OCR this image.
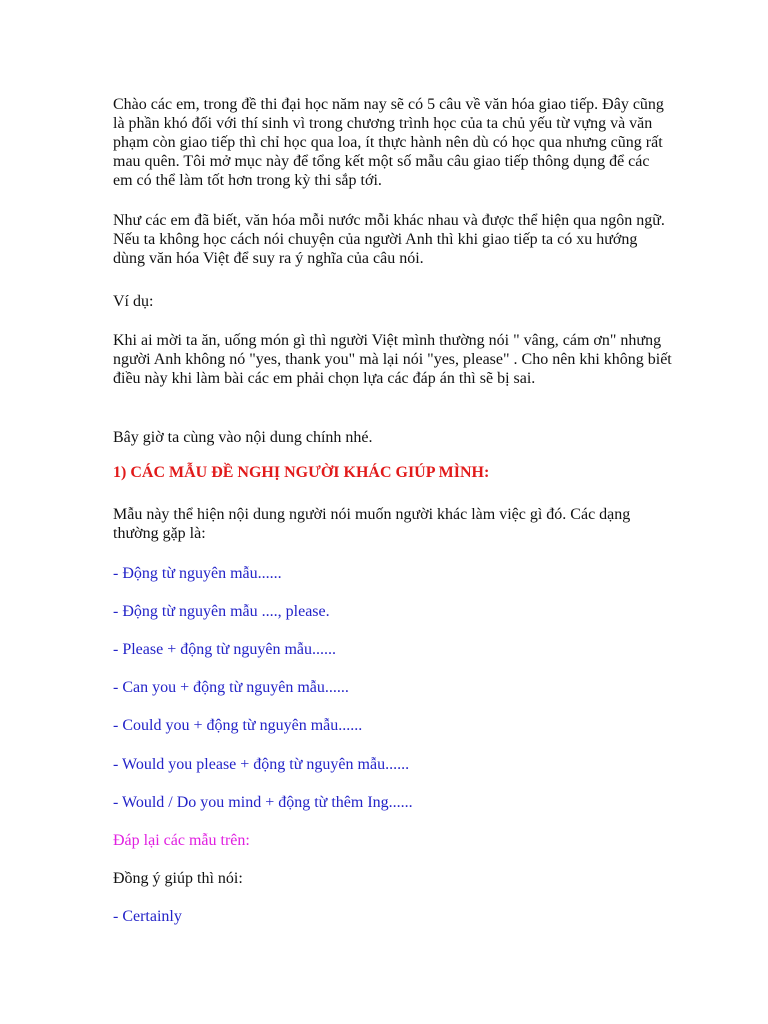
Chào các em, trong đề thi đại học năm nay sẽ có 5 câu về văn hóa giao tiếp. Đây cũng là phần khó đối với thí sinh vì trong chương trình học của ta chủ yếu từ vựng và văn phạm còn giao tiếp thì chỉ học qua loa, ít thực hành nên dù có học qua nhưng cũng rất mau quên. Tôi mở mục này để tổng kết một số mẫu câu giao tiếp thông dụng để các em có thể làm tốt hơn trong kỳ thi sắp tới.

Như các em đã biết, văn hóa mỗi nước mỗi khác nhau và được thể hiện qua ngôn ngữ. Nếu ta không học cách nói chuyện của người Anh thì khi giao tiếp ta có xu hướng dùng văn hóa Việt để suy ra ý nghĩa của câu nói.

Ví dụ:

Khi ai mời ta ăn, uống món gì thì người Việt mình thường nói " vâng, cám ơn" nhưng người Anh không nó "yes, thank you" mà lại nói "yes, please" . Cho nên khi không biết điều này khi làm bài các em phải chọn lựa các đáp án thì sẽ bị sai.

Bây giờ ta cùng vào nội dung chính nhé.

1) CÁC MẪU ĐỀ NGHỊ NGƯỜI KHÁC GIÚP MÌNH:

Mẫu này thể hiện nội dung người nói muốn người khác làm việc gì đó. Các dạng thường gặp là:

- Động từ nguyên mẫu......

- Động từ nguyên mẫu ...., please.

- Please + động từ nguyên mẫu......

- Can you + động từ nguyên mẫu......

- Could you + động từ nguyên mẫu......

- Would you please + động từ nguyên mẫu......

- Would / Do you mind + động từ thêm Ing......

Đáp lại các mẫu trên:

Đồng ý giúp thì nói:

- Certainly
